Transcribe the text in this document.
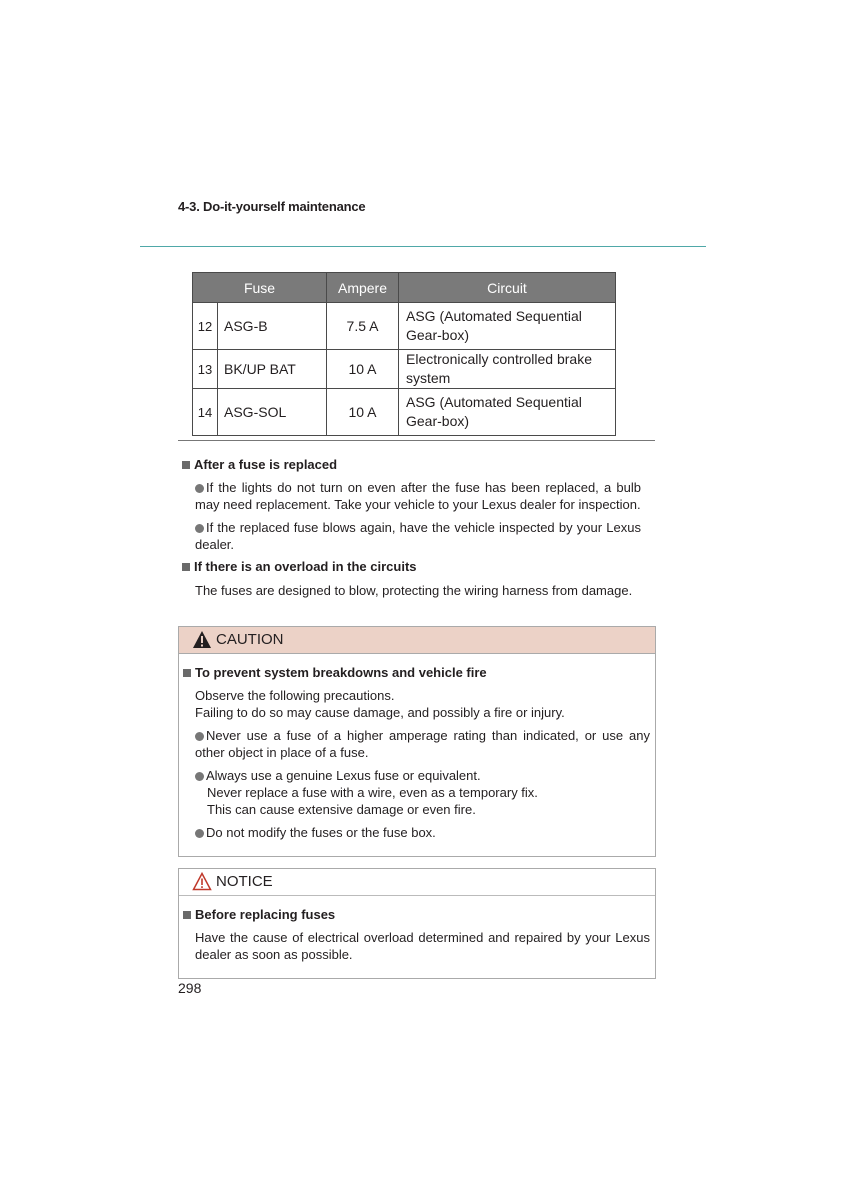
4-3. Do-it-yourself maintenance
Fuse		Ampere	Circuit
12	ASG-B	7.5 A	ASG (Automated Sequential Gear-box)
13	BK/UP BAT	10 A	Electronically controlled brake system
14	ASG-SOL	10 A	ASG (Automated Sequential Gear-box)
After a fuse is replaced
If the lights do not turn on even after the fuse has been replaced, a bulb may need replacement. Take your vehicle to your Lexus dealer for inspection.
If the replaced fuse blows again, have the vehicle inspected by your Lexus dealer.
If there is an overload in the circuits
The fuses are designed to blow, protecting the wiring harness from damage.
CAUTION
To prevent system breakdowns and vehicle fire
Observe the following precautions.
Failing to do so may cause damage, and possibly a fire or injury.
Never use a fuse of a higher amperage rating than indicated, or use any other object in place of a fuse.
Always use a genuine Lexus fuse or equivalent.
Never replace a fuse with a wire, even as a temporary fix.
This can cause extensive damage or even fire.
Do not modify the fuses or the fuse box.
NOTICE
Before replacing fuses
Have the cause of electrical overload determined and repaired by your Lexus dealer as soon as possible.
298
